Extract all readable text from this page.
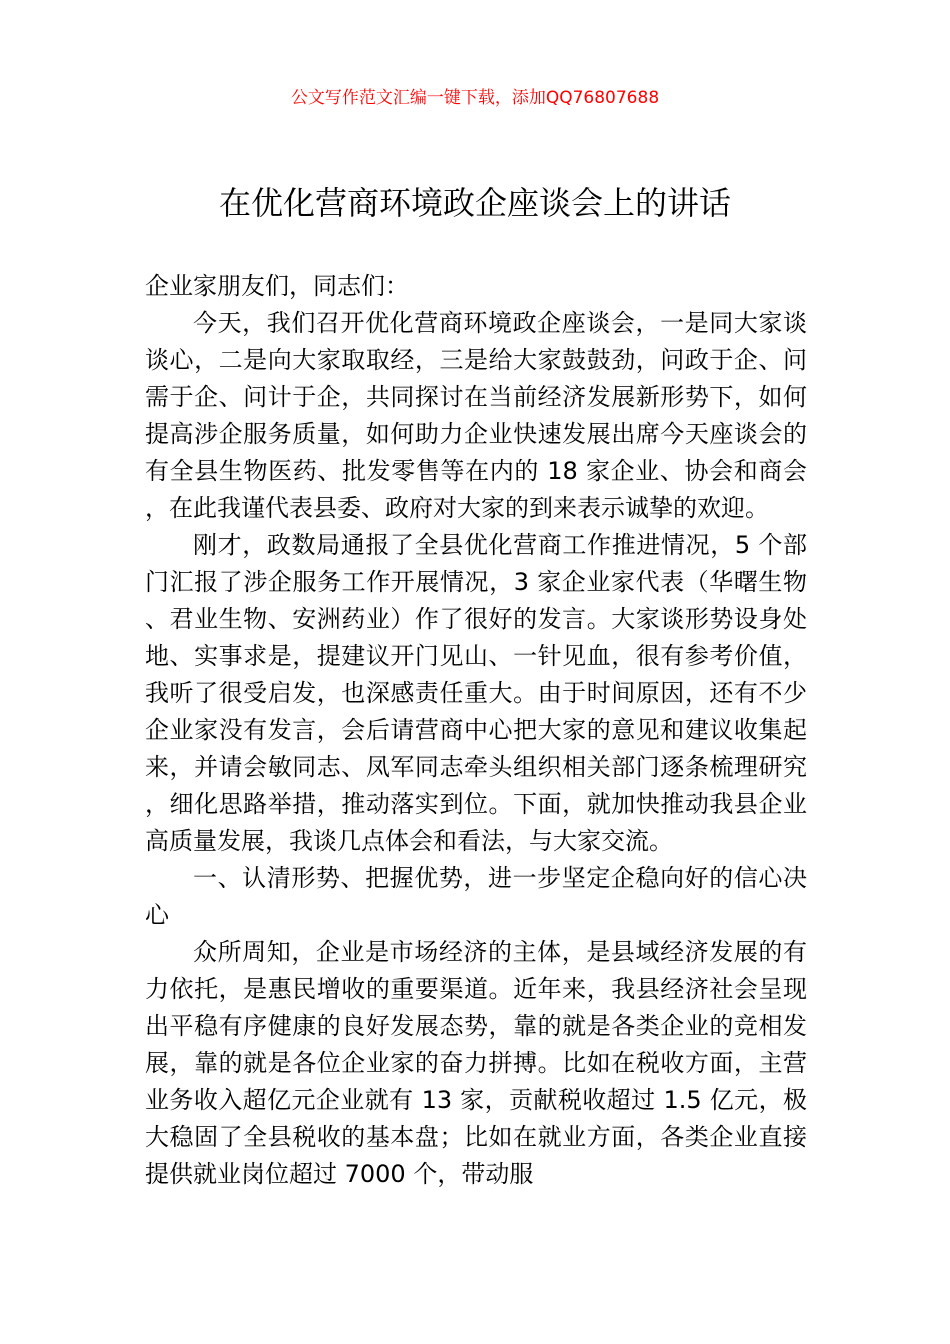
公文写作范文汇编一键下载，添加QQ76807688
在优化营商环境政企座谈会上的讲话

企业家朋友们，同志们：

今天，我们召开优化营商环境政企座谈会，一是同大家谈谈心，二是向大家取取经，三是给大家鼓鼓劲，问政于企、问需于企、问计于企，共同探讨在当前经济发展新形势下，如何提高涉企服务质量，如何助力企业快速发展出席今天座谈会的有全县生物医药、批发零售等在内的 18 家企业、协会和商会，在此我谨代表县委、政府对大家的到来表示诚挚的欢迎。

刚才，政数局通报了全县优化营商工作推进情况，5 个部门汇报了涉企服务工作开展情况，3 家企业家代表（华曙生物、君业生物、安洲药业）作了很好的发言。大家谈形势设身处地、实事求是，提建议开门见山、一针见血，很有参考价值，我听了很受启发，也深感责任重大。由于时间原因，还有不少企业家没有发言，会后请营商中心把大家的意见和建议收集起来，并请会敏同志、凤军同志牵头组织相关部门逐条梳理研究，细化思路举措，推动落实到位。下面，就加快推动我县企业高质量发展，我谈几点体会和看法，与大家交流。

一、认清形势、把握优势，进一步坚定企稳向好的信心决心

众所周知，企业是市场经济的主体，是县域经济发展的有力依托，是惠民增收的重要渠道。近年来，我县经济社会呈现出平稳有序健康的良好发展态势，靠的就是各类企业的竞相发展，靠的就是各位企业家的奋力拼搏。比如在税收方面，主营业务收入超亿元企业就有 13 家，贡献税收超过 1.5 亿元，极大稳固了全县税收的基本盘；比如在就业方面，各类企业直接提供就业岗位超过 7000 个，带动服
